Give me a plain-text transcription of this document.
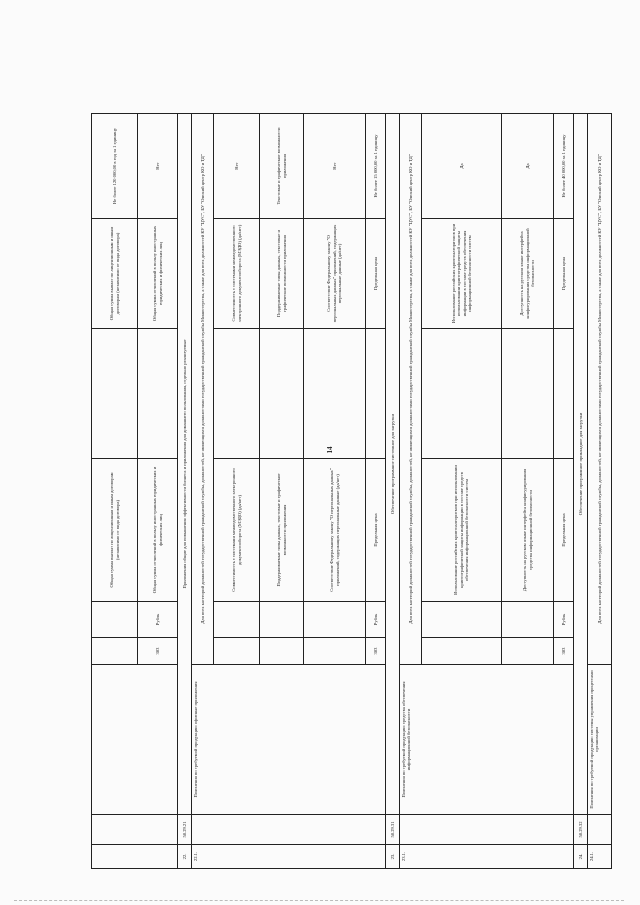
14
					Общая сумма выплат по лицензионным и иным договорам (независимо от вида договора)		Общая сумма выплат по лицензионным и иным договорам (независимо от вида договора)	Не более 120 000,00 в год за 1 единицу
			383	Рубль	Общая сумма отчислений в пользу иностранных юридических и физических лиц		Общая сумма отчислений в пользу иностранных юридических и физических лиц	Нет
22.	58.29.21	Приложения общие для повышения эффективности бизнеса и приложения для домашнего пользования, отдельно реализуемые						
22.1.		Пояснения по требуемой продукции: офисные приложения	Для всех категорий должностей государственной гражданской службы, должностей, не являющихся должностями государственной гражданской службы Министерства, а также для всех должностей КУ "ЦУС", БУ "Омский центр КО и ТД"					
					Совместимость с системами межведомственного электронного документооборота (МЭДО) (да/нет)		Совместимость с системами межведомственного электронного документооборота (МЭДО) (да/нет)	Нет
					Поддерживаемые типы данных, текстовые и графические возможности приложения		Поддерживаемые типы данных, текстовые и графические возможности приложения	Текстовые и графические возможности приложения
					Соответствие Федеральному закону "О персональных данных" приложений, содержащих персональные данные (да/нет)		Соответствие Федеральному закону "О персональных данных" приложений, содержащих персональные данные (да/нет)	Нет
			383	Рубль	Предельная цена		Предельная цена	Не более 15 000,00 за 1 единицу
23.	58.29.31	Обеспечение программное системное для загрузки						
23.1.		Пояснения по требуемой продукции: средства обеспечения информационной безопасности	Для всех категорий должностей государственной гражданской службы, должностей, не являющихся должностями государственной гражданской службы Министерства, а также для всех должностей КУ "ЦУС", БУ "Омский центр КО и ТД"					
					Использование российских криптоалгоритмов при использовании криптографической защиты информации в составе средств обеспечения информационной безопасности систем		Использование российских криптоалгоритмов при использовании криптографической защиты информации в составе средств обеспечения информационной безопасности систем	Да
					Доступность на русском языке интерфейса конфигурирования средства информационной безопасности		Доступность на русском языке интерфейса конфигурирования средства информационной безопасности	Да
			383	Рубль	Предельная цена		Предельная цена	Не более 40 000,00 за 1 единицу
24.	58.29.32	Обеспечение программное прикладное для загрузки						
24.1.		Пояснения по требуемой продукции: системы управления процессами организации	Для всех категорий должностей государственной гражданской службы, должностей, не являющихся должностями государственной гражданской службы Министерства, а также для всех должностей КУ "ЦУС", БУ "Омский центр КО и ТД"					
